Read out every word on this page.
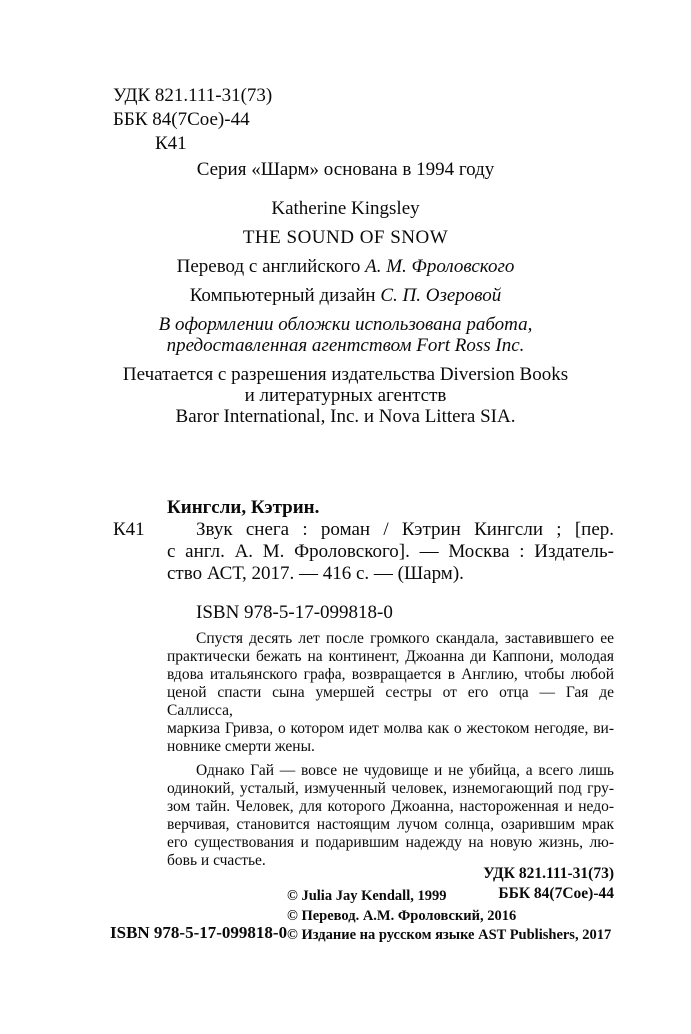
УДК 821.111-31(73)
ББК 84(7Сое)-44
К41
Серия «Шарм» основана в 1994 году
Katherine Kingsley
THE SOUND OF SNOW
Перевод с английского А. М. Фроловского
Компьютерный дизайн С. П. Озеровой
В оформлении обложки использована работа,
предоставленная агентством Fort Ross Inc.
Печатается с разрешения издательства Diversion Books
и литературных агентств
Baror International, Inc. и Nova Littera SIA.
Кингсли, Кэтрин.
К41	Звук снега : роман / Кэтрин Кингсли ; [пер.
с англ. А. М. Фроловского]. — Москва : Издатель-
ство АСТ, 2017. — 416 с. — (Шарм).
ISBN 978-5-17-099818-0
Спустя десять лет после громкого скандала, заставившего ее
практически бежать на континент, Джоанна ди Каппони, молодая
вдова итальянского графа, возвращается в Англию, чтобы любой
ценой спасти сына умершей сестры от его отца — Гая де Саллисса,
маркиза Гривза, о котором идет молва как о жестоком негодяе, ви-
новнике смерти жены.
Однако Гай — вовсе не чудовище и не убийца, а всего лишь
одинокий, усталый, измученный человек, изнемогающий под гру-
зом тайн. Человек, для которого Джоанна, настороженная и недо-
верчивая, становится настоящим лучом солнца, озарившим мрак
его существования и подарившим надежду на новую жизнь, лю-
бовь и счастье.
УДК 821.111-31(73)
ББК 84(7Сое)-44
ISBN 978-5-17-099818-0
© Julia Jay Kendall, 1999
© Перевод. А.М. Фроловский, 2016
© Издание на русском языке AST Publishers, 2017
